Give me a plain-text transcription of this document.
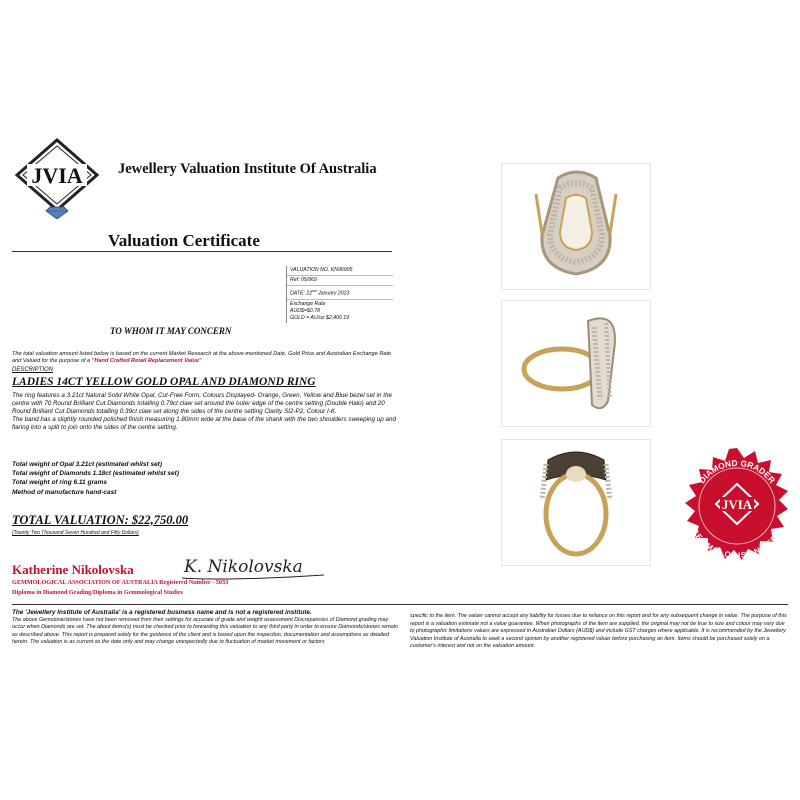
JVIA Jewellery Valuation Institute Of Australia
Valuation Certificate
VALUATION NO. KN96905
Ref: 05/969
DATE: 22nd January 2023
Exchange Rate
AUD$=$0.78
GOLD = AU/oz $2,400.19
TO WHOM IT MAY CONCERN
The total valuation amount listed below is based on the current Market Research at the above-mentioned Date, Gold Price and Australian Exchange Rate and Valued for the purpose of a "Hand Crafted Retail Replacement Value"
DESCRIPTION
LADIES 14CT YELLOW GOLD OPAL AND DIAMOND RING
The ring features a 3.21ct Natural Solid White Opal, Cut-Free Form, Colours Displayed- Orange, Green, Yellow and Blue bezel set in the centre with 70 Round Brilliant Cut Diamonds totalling 0.79ct claw set around the outer edge of the centre setting (Double Halo) and 20 Round Brilliant Cut Diamonds totalling 0.39ct claw set along the sides of the centre setting Clarity SI2-P2, Colour I-K.
The band has a slightly rounded polished finish measuring 1.80mm wide at the base of the shank with the two shoulders sweeping up and flaring into a split to join onto the sides of the centre setting.
Total weight of Opal 3.21ct (estimated whilst set)
Total weight of Diamonds 1.18ct (estimated whilst set)
Total weight of ring 6.11 grams
Method of manufacture hand-cast
TOTAL VALUATION: $22,750.00
(Twenty Two Thousand Seven Hundred and Fifty Dollars)
Katherine Nikolovska	K. Nikolovska
GEMMOLOGICAL ASSOCIATION OF AUSTRALIA Registered Number - 5033
Diploma in Diamond Grading/Diploma in Gemmological Studies
The 'Jewellery Institute of Australia' is a registered business name and is not a registered institute.
The above Gemstone/stones have not been removed from their settings for accurate of grade and weight assessment Discrepancies of Diamond grading may occur when Diamonds are set. The about items(s) must be checked prior to forwarding this valuation to any third party in order to ensure Diamonds/stones remain as described above. This report is prepared solely for the guidance of the client and is based upon the inspection, documentation and assumptions as detailed herein. The valuation is as current as the date only and may change unexpectedly due to fluctuation of market movement or factors
specific to the item. The valuer cannot accept any liability for losses due to reliance on this report and for any subsequent change in value. The purpose of this report is a valuation estimate not a value guarantee. When photographs of the item are supplied, the original may not be true to size and colour may vary due to photographic limitations values are expressed in Australian Dollars (AUD$) and include GST charges where applicable. It is recommended by the Jewellery Valuation Institute of Australia to seek a second opinion by another registered valuer before purchasing an item. Items should be purchased solely on a customer's interest and not on the valuation amount.
DIAMOND GRADER
GEMMOLOGIST NO.5033
JVIA
